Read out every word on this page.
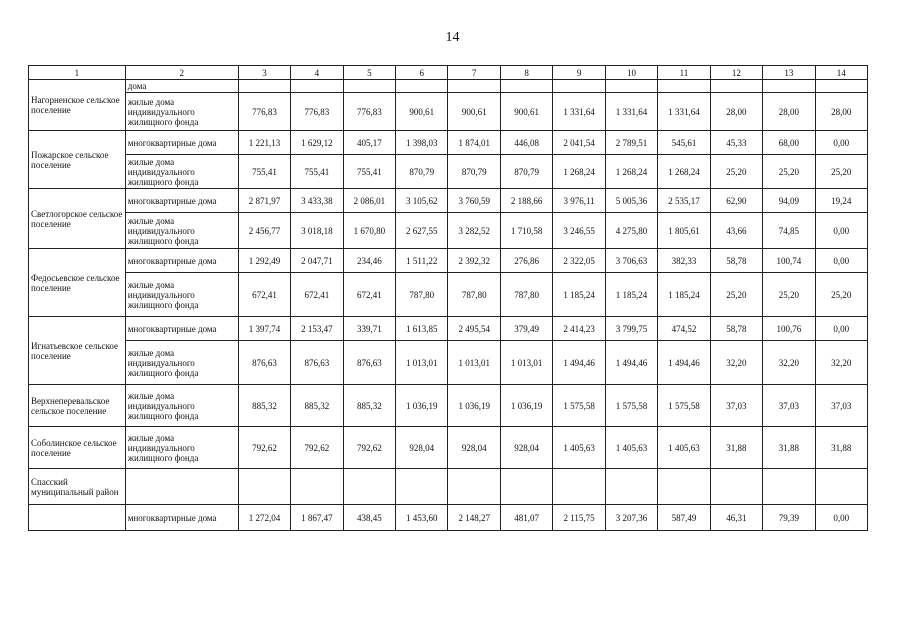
14
1	2	3	4	5	6	7	8	9	10	11	12	13	14
Нагорненское сельское поселение	дома												
	жилые дома индивидуального жилищного фонда	776,83	776,83	776,83	900,61	900,61	900,61	1 331,64	1 331,64	1 331,64	28,00	28,00	28,00
Пожарское сельское поселение	многоквартирные дома	1 221,13	1 629,12	405,17	1 398,03	1 874,01	446,08	2 041,54	2 789,51	545,61	45,33	68,00	0,00
	жилые дома индивидуального жилищного фонда	755,41	755,41	755,41	870,79	870,79	870,79	1 268,24	1 268,24	1 268,24	25,20	25,20	25,20
Светлогорское сельское поселение	многоквартирные дома	2 871,97	3 433,38	2 086,01	3 105,62	3 760,59	2 188,66	3 976,11	5 005,36	2 535,17	62,90	94,09	19,24
	жилые дома индивидуального жилищного фонда	2 456,77	3 018,18	1 670,80	2 627,55	3 282,52	1 710,58	3 246,55	4 275,80	1 805,61	43,66	74,85	0,00
Федосьевское сельское поселение	многоквартирные дома	1 292,49	2 047,71	234,46	1 511,22	2 392,32	276,86	2 322,05	3 706,63	382,33	58,78	100,74	0,00
	жилые дома индивидуального жилищного фонда	672,41	672,41	672,41	787,80	787,80	787,80	1 185,24	1 185,24	1 185,24	25,20	25,20	25,20
Игнатьевское сельское поселение	многоквартирные дома	1 397,74	2 153,47	339,71	1 613,85	2 495,54	379,49	2 414,23	3 799,75	474,52	58,78	100,76	0,00
	жилые дома индивидуального жилищного фонда	876,63	876,63	876,63	1 013,01	1 013,01	1 013,01	1 494,46	1 494,46	1 494,46	32,20	32,20	32,20
Верхнеперевальское сельское поселение	жилые дома индивидуального жилищного фонда	885,32	885,32	885,32	1 036,19	1 036,19	1 036,19	1 575,58	1 575,58	1 575,58	37,03	37,03	37,03
Соболинское сельское поселение	жилые дома индивидуального жилищного фонда	792,62	792,62	792,62	928,04	928,04	928,04	1 405,63	1 405,63	1 405,63	31,88	31,88	31,88
Спасский муниципальный район													
	многоквартирные дома	1 272,04	1 867,47	438,45	1 453,60	2 148,27	481,07	2 115,75	3 207,36	587,49	46,31	79,39	0,00
